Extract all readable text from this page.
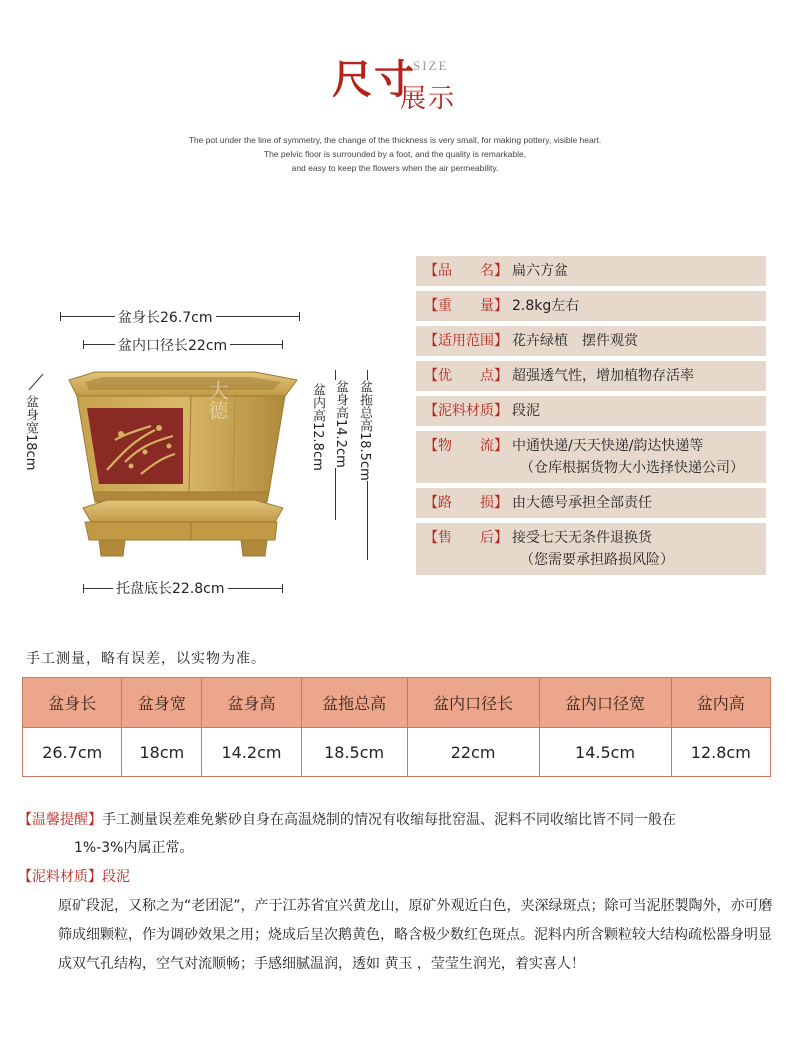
尺寸
SIZE
展示
The pot under the line of symmetry, the change of the thickness is very small, for making pottery, visible heart.
The pelvic floor is surrounded by a foot, and the quality is remarkable,
and easy to keep the flowers when the air permeability.
盆身长26.7cm
盆内口径长22cm
盆身宽18cm	大德	盆内高12.8cm 盆身高14.2cm 盆拖总高18.5cm
托盘底长22.8cm
【品　　名】 扁六方盆
【重　　量】 2.8kg左右
【适用范围】 花卉绿植　摆件观赏
【优　　点】 超强透气性，增加植物存活率
【泥料材质】 段泥
【物　　流】 中通快递/天天快递/韵达快递等
（仓库根据货物大小选择快递公司）
【路　　损】 由大德号承担全部责任
【售　　后】 接受七天无条件退换货
（您需要承担路损风险）
手工测量，略有误差，以实物为准。
盆身长	盆身宽	盆身高	盆拖总高	盆内口径长	盆内口径宽	盆内高
26.7cm	18cm	14.2cm	18.5cm	22cm	14.5cm	12.8cm
【温馨提醒】手工测量误差难免紫砂自身在高温烧制的情况有收缩每批窑温、泥料不同收缩比皆不同一般在
1%-3%内属正常。
【泥料材质】段泥
原矿段泥，又称之为“老团泥”，产于江苏省宜兴黄龙山，原矿外观近白色，夹深绿斑点；除可当泥胚製陶外，亦可磨筛成细颗粒，作为调砂效果之用；烧成后呈次鹅黄色，略含极少数红色斑点。泥料内所含颗粒较大结构疏松器身明显成双气孔结构，空气对流顺畅；手感细腻温润，透如 黄玉 ，莹莹生润光，着实喜人！
